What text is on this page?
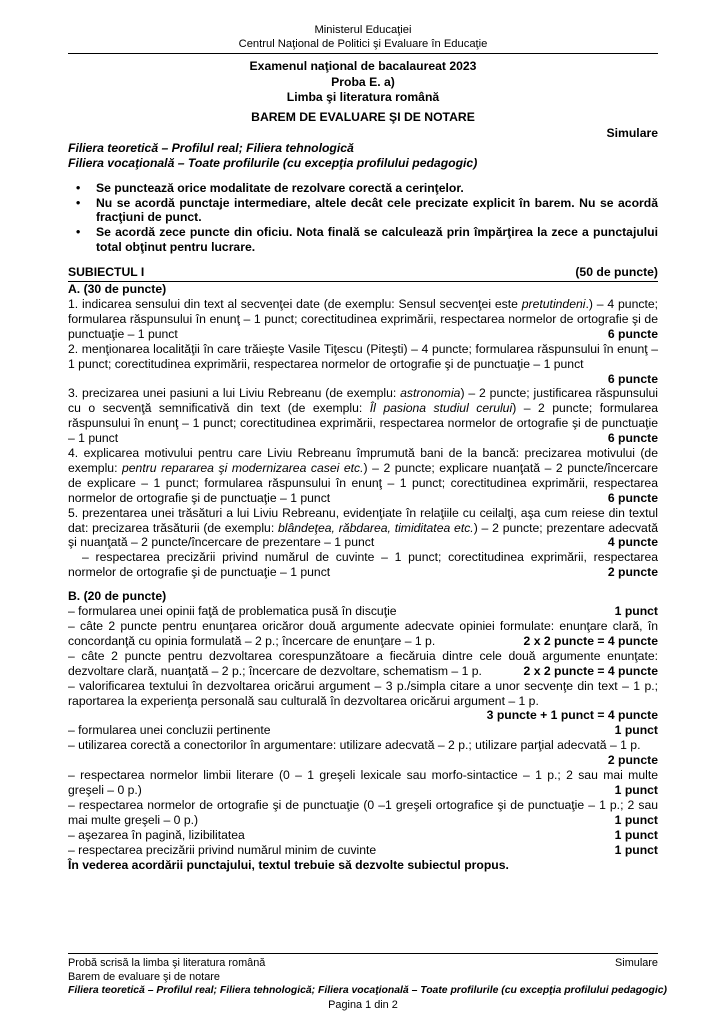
Ministerul Educaţiei
Centrul Naţional de Politici şi Evaluare în Educaţie
Examenul naţional de bacalaureat 2023
Proba E. a)
Limba şi literatura română
BAREM DE EVALUARE ŞI DE NOTARE
Simulare
Filiera teoretică – Profilul real; Filiera tehnologică
Filiera vocaţională – Toate profilurile (cu excepţia profilului pedagogic)
•	Se punctează orice modalitate de rezolvare corectă a cerinţelor.
•	Nu se acordă punctaje intermediare, altele decât cele precizate explicit în barem. Nu se acordă fracţiuni de punct.
•	Se acordă zece puncte din oficiu. Nota finală se calculează prin împărţirea la zece a punctajului total obţinut pentru lucrare.
SUBIECTUL I	(50 de puncte)
A. (30 de puncte)
1. indicarea sensului din text al secvenţei date (de exemplu: Sensul secvenţei este pretutindeni.) – 4 puncte; formularea răspunsului în enunţ – 1 punct; corectitudinea exprimării, respectarea normelor de ortografie şi de punctuaţie – 1 punct	6 puncte
2. menţionarea localităţii în care trăieşte Vasile Tiţescu (Piteşti) – 4 puncte; formularea răspunsului în enunţ – 1 punct; corectitudinea exprimării, respectarea normelor de ortografie şi de punctuaţie – 1 punct
6 puncte
3. precizarea unei pasiuni a lui Liviu Rebreanu (de exemplu: astronomia) – 2 puncte; justificarea răspunsului cu o secvenţă semnificativă din text (de exemplu: Îl pasiona studiul cerului) – 2 puncte; formularea răspunsului în enunţ – 1 punct; corectitudinea exprimării, respectarea normelor de ortografie şi de punctuaţie – 1 punct	6 puncte
4. explicarea motivului pentru care Liviu Rebreanu împrumută bani de la bancă: precizarea motivului (de exemplu: pentru repararea şi modernizarea casei etc.) – 2 puncte; explicare nuanţată – 2 puncte/încercare de explicare – 1 punct; formularea răspunsului în enunţ – 1 punct; corectitudinea exprimării, respectarea normelor de ortografie şi de punctuaţie – 1 punct	6 puncte
5. prezentarea unei trăsături a lui Liviu Rebreanu, evidenţiate în relaţiile cu ceilalţi, aşa cum reiese din textul dat: precizarea trăsăturii (de exemplu: blândeţea, răbdarea, timiditatea etc.) – 2 puncte; prezentare adecvată şi nuanţată – 2 puncte/încercare de prezentare – 1 punct	4 puncte
– respectarea precizării privind numărul de cuvinte – 1 punct; corectitudinea exprimării, respectarea normelor de ortografie şi de punctuaţie – 1 punct	2 puncte
B. (20 de puncte)
– formularea unei opinii faţă de problematica pusă în discuţie	1 punct
– câte 2 puncte pentru enunţarea oricăror două argumente adecvate opiniei formulate: enunţare clară, în concordanţă cu opinia formulată – 2 p.; încercare de enunţare – 1 p.	2 x 2 puncte = 4 puncte
– câte 2 puncte pentru dezvoltarea corespunzătoare a fiecăruia dintre cele două argumente enunţate: dezvoltare clară, nuanţată – 2 p.; încercare de dezvoltare, schematism – 1 p.	2 x 2 puncte = 4 puncte
– valorificarea textului în dezvoltarea oricărui argument – 3 p./simpla citare a unor secvenţe din text – 1 p.; raportarea la experienţa personală sau culturală în dezvoltarea oricărui argument – 1 p.
3 puncte + 1 punct = 4 puncte
– formularea unei concluzii pertinente	1 punct
– utilizarea corectă a conectorilor în argumentare: utilizare adecvată – 2 p.; utilizare parţial adecvată – 1 p.
2 puncte
– respectarea normelor limbii literare (0 – 1 greşeli lexicale sau morfo-sintactice – 1 p.; 2 sau mai multe greşeli – 0 p.)	1 punct
– respectarea normelor de ortografie şi de punctuaţie (0 –1 greşeli ortografice şi de punctuaţie – 1 p.; 2 sau mai multe greşeli – 0 p.)	1 punct
– aşezarea în pagină, lizibilitatea	1 punct
– respectarea precizării privind numărul minim de cuvinte	1 punct
În vederea acordării punctajului, textul trebuie să dezvolte subiectul propus.
Probă scrisă la limba şi literatura română	Simulare
Barem de evaluare şi de notare
Filiera teoretică – Profilul real; Filiera tehnologică; Filiera vocaţională – Toate profilurile (cu excepţia profilului pedagogic)
Pagina 1 din 2
